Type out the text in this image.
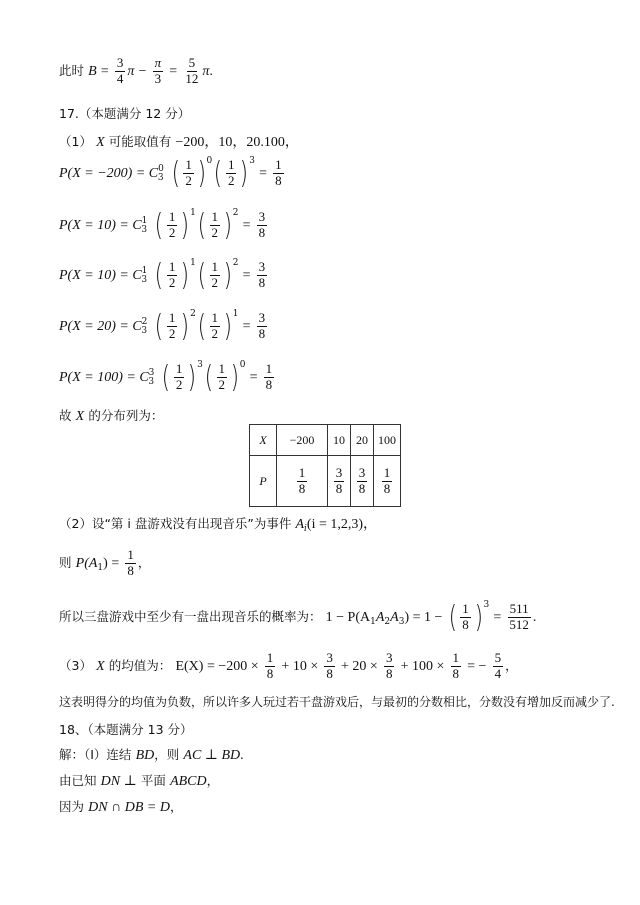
此时 $B = \frac{3}{4}$ $\pi - \frac{\pi}{3} = \frac{5}{12} \pi$.
17.（本题满分 12 分）
（1） X 可能取值有 −200，10，20.100，
$P(X = -200) = C^0_3$ ( $\frac{1}{2}$ ) $^0$ ( $\frac{1}{2}$ ) $^3 = \frac{1}{8}$
$P(X = 10) = C^1_3$ ( $\frac{1}{2}$ ) $^1$ ( $\frac{1}{2}$ ) $^2 = \frac{3}{8}$
$P(X = 10) = C^1_3$ ( $\frac{1}{2}$ ) $^1$ ( $\frac{1}{2}$ ) $^2 = \frac{3}{8}$
$P(X = 20) = C^2_3$ ( $\frac{1}{2}$ ) $^2$ ( $\frac{1}{2}$ ) $^1 = \frac{3}{8}$
$P(X = 100) = C^3_3$ ( $\frac{1}{2}$ ) $^3$ ( $\frac{1}{2}$ ) $^0 = \frac{1}{8}$
故 X 的分布列为：
X	−200	10	20	100
P	$\frac{1}{8}$	$\frac{3}{8}$	$\frac{3}{8}$	$\frac{1}{8}$
（2）设“第 i 盘游戏没有出现音乐”为事件 $A_i(i = 1,2,3)$，
则 $P(A_1) = \frac{1}{8}$ ，
所以三盘游戏中至少有一盘出现音乐的概率为： $1 - P(A_1A_2A_3) = 1$ − ( $\frac{1}{8}$ ) $^3 = \frac{511}{512}$ .
（3） X 的均值为： $E(X) = -200 \times \frac{1}{8} + 10 \times \frac{3}{8} + 20 \times \frac{3}{8} + 100 \times \frac{1}{8}$ = − $\frac{5}{4}$ ，
这表明得分的均值为负数，所以许多人玩过若干盘游戏后，与最初的分数相比，分数没有增加反而减少了.
18、（本题满分 13 分）
解：（Ⅰ）连结 BD，则 AC ⊥ BD.
由已知 DN ⊥ 平面 ABCD，
因为 DN ∩ DB = D，
